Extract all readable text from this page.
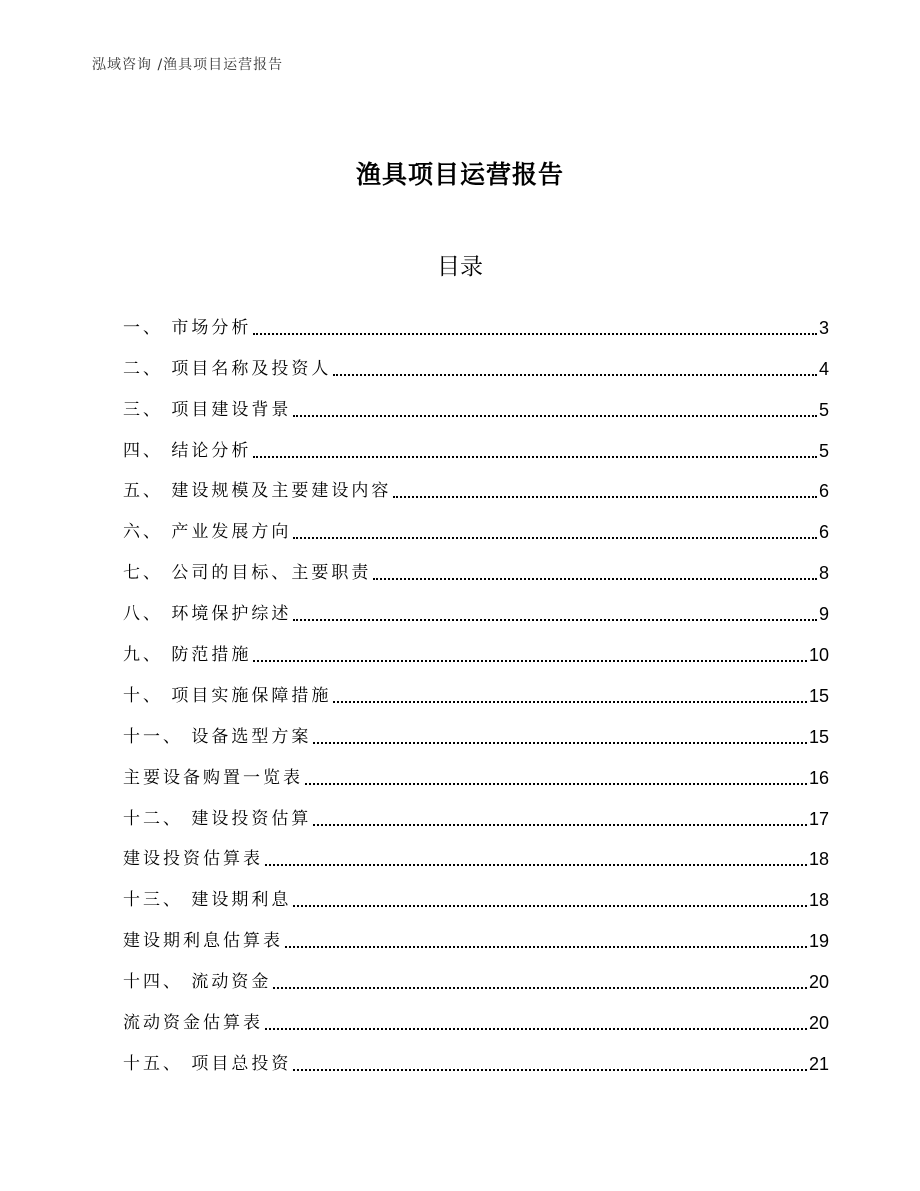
泓域咨询 /渔具项目运营报告
渔具项目运营报告
目录
一、 市场分析	3
二、 项目名称及投资人	4
三、 项目建设背景	5
四、 结论分析	5
五、 建设规模及主要建设内容	6
六、 产业发展方向	6
七、 公司的目标、主要职责	8
八、 环境保护综述	9
九、 防范措施	10
十、 项目实施保障措施	15
十一、 设备选型方案	15
主要设备购置一览表	16
十二、 建设投资估算	17
建设投资估算表	18
十三、 建设期利息	18
建设期利息估算表	19
十四、 流动资金	20
流动资金估算表	20
十五、 项目总投资	21
